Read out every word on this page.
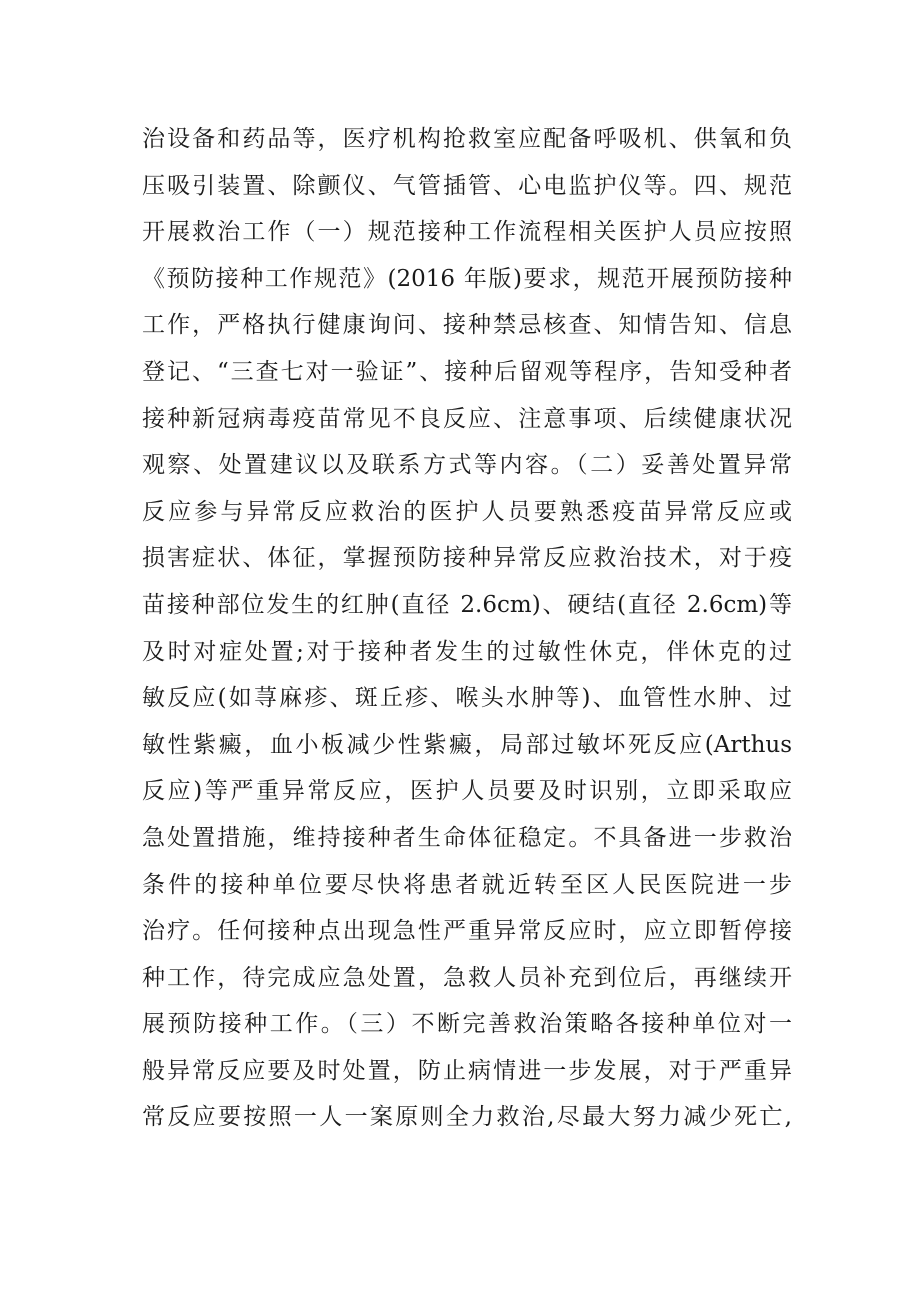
治设备和药品等，医疗机构抢救室应配备呼吸机、供氧和负
压吸引装置、除颤仪、气管插管、心电监护仪等。四、规范
开展救治工作（一）规范接种工作流程相关医护人员应按照
《预防接种工作规范》(2016 年版)要求，规范开展预防接种
工作，严格执行健康询问、接种禁忌核查、知情告知、信息
登记、“三查七对一验证”、接种后留观等程序，告知受种者
接种新冠病毒疫苗常见不良反应、注意事项、后续健康状况
观察、处置建议以及联系方式等内容。（二）妥善处置异常
反应参与异常反应救治的医护人员要熟悉疫苗异常反应或
损害症状、体征，掌握预防接种异常反应救治技术，对于疫
苗接种部位发生的红肿(直径 2.6cm)、硬结(直径 2.6cm)等
及时对症处置;对于接种者发生的过敏性休克，伴休克的过
敏反应(如荨麻疹、斑丘疹、喉头水肿等)、血管性水肿、过
敏性紫癜，血小板减少性紫癜，局部过敏坏死反应(Arthus
反应)等严重异常反应，医护人员要及时识别，立即采取应
急处置措施，维持接种者生命体征稳定。不具备进一步救治
条件的接种单位要尽快将患者就近转至区人民医院进一步
治疗。任何接种点出现急性严重异常反应时，应立即暂停接
种工作，待完成应急处置，急救人员补充到位后，再继续开
展预防接种工作。（三）不断完善救治策略各接种单位对一
般异常反应要及时处置，防止病情进一步发展，对于严重异
常反应要按照一人一案原则全力救治,尽最大努力减少死亡,
